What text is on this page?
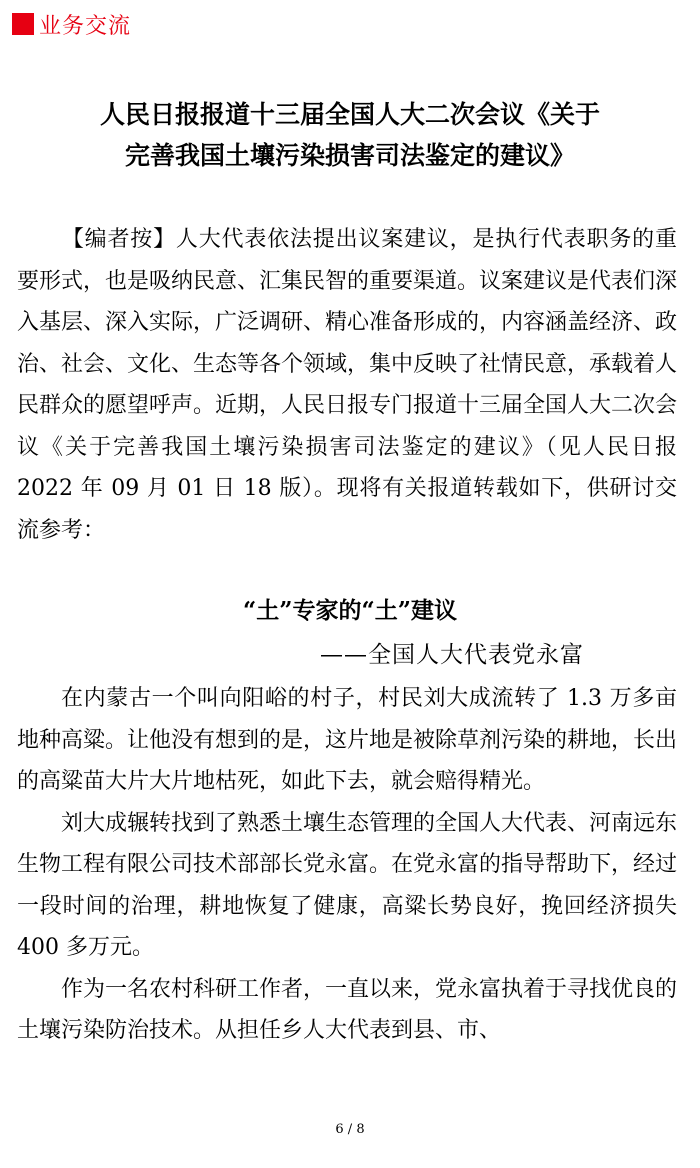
业务交流
人民日报报道十三届全国人大二次会议《关于
完善我国土壤污染损害司法鉴定的建议》
【编者按】人大代表依法提出议案建议，是执行代表职务的重要形式，也是吸纳民意、汇集民智的重要渠道。议案建议是代表们深入基层、深入实际，广泛调研、精心准备形成的，内容涵盖经济、政治、社会、文化、生态等各个领域，集中反映了社情民意，承载着人民群众的愿望呼声。近期，人民日报专门报道十三届全国人大二次会议《关于完善我国土壤污染损害司法鉴定的建议》（见人民日报 2022 年 09 月 01 日 18 版）。现将有关报道转载如下，供研讨交流参考：
“土”专家的“土”建议
——全国人大代表党永富

在内蒙古一个叫向阳峪的村子，村民刘大成流转了 1.3 万多亩地种高粱。让他没有想到的是，这片地是被除草剂污染的耕地，长出的高粱苗大片大片地枯死，如此下去，就会赔得精光。

刘大成辗转找到了熟悉土壤生态管理的全国人大代表、河南远东生物工程有限公司技术部部长党永富。在党永富的指导帮助下，经过一段时间的治理，耕地恢复了健康，高粱长势良好，挽回经济损失 400 多万元。

作为一名农村科研工作者，一直以来，党永富执着于寻找优良的土壤污染防治技术。从担任乡人大代表到县、市、

6 / 8
